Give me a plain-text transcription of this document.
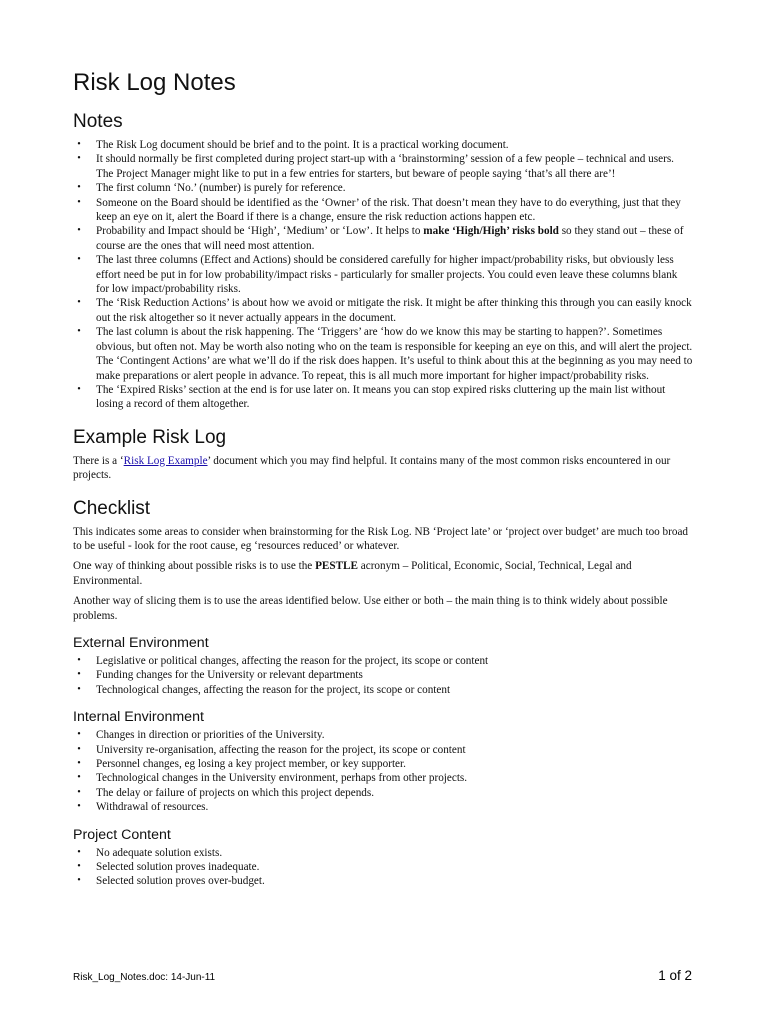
Risk Log Notes
Notes
•	The Risk Log document should be brief and to the point. It is a practical working document.
•	It should normally be first completed during project start-up with a ‘brainstorming’ session of a few people – technical and users. The Project Manager might like to put in a few entries for starters, but beware of people saying ‘that’s all there are’!
•	The first column ‘No.’ (number) is purely for reference.
•	Someone on the Board should be identified as the ‘Owner’ of the risk. That doesn’t mean they have to do everything, just that they keep an eye on it, alert the Board if there is a change, ensure the risk reduction actions happen etc.
•	Probability and Impact should be ‘High’, ‘Medium’ or ‘Low’. It helps to make ‘High/High’ risks bold so they stand out – these of course are the ones that will need most attention.
•	The last three columns (Effect and Actions) should be considered carefully for higher impact/probability risks, but obviously less effort need be put in for low probability/impact risks - particularly for smaller projects. You could even leave these columns blank for low impact/probability risks.
•	The ‘Risk Reduction Actions’ is about how we avoid or mitigate the risk. It might be after thinking this through you can easily knock out the risk altogether so it never actually appears in the document.
•	The last column is about the risk happening. The ‘Triggers’ are ‘how do we know this may be starting to happen?’. Sometimes obvious, but often not. May be worth also noting who on the team is responsible for keeping an eye on this, and will alert the project. The ‘Contingent Actions’ are what we’ll do if the risk does happen. It’s useful to think about this at the beginning as you may need to make preparations or alert people in advance. To repeat, this is all much more important for higher impact/probability risks.
•	The ‘Expired Risks’ section at the end is for use later on. It means you can stop expired risks cluttering up the main list without losing a record of them altogether.
Example Risk Log

There is a ‘Risk Log Example’ document which you may find helpful. It contains many of the most common risks encountered in our projects.

Checklist

This indicates some areas to consider when brainstorming for the Risk Log. NB ‘Project late’ or ‘project over budget’ are much too broad to be useful - look for the root cause, eg ‘resources reduced’ or whatever.

One way of thinking about possible risks is to use the PESTLE acronym – Political, Economic, Social, Technical, Legal and Environmental.

Another way of slicing them is to use the areas identified below. Use either or both – the main thing is to think widely about possible problems.

External Environment
•	Legislative or political changes, affecting the reason for the project, its scope or content
•	Funding changes for the University or relevant departments
•	Technological changes, affecting the reason for the project, its scope or content
Internal Environment
•	Changes in direction or priorities of the University.
•	University re-organisation, affecting the reason for the project, its scope or content
•	Personnel changes, eg losing a key project member, or key supporter.
•	Technological changes in the University environment, perhaps from other projects.
•	The delay or failure of projects on which this project depends.
•	Withdrawal of resources.
Project Content
•	No adequate solution exists.
•	Selected solution proves inadequate.
•	Selected solution proves over-budget.
Risk_Log_Notes.doc: 14-Jun-11	1 of 2
